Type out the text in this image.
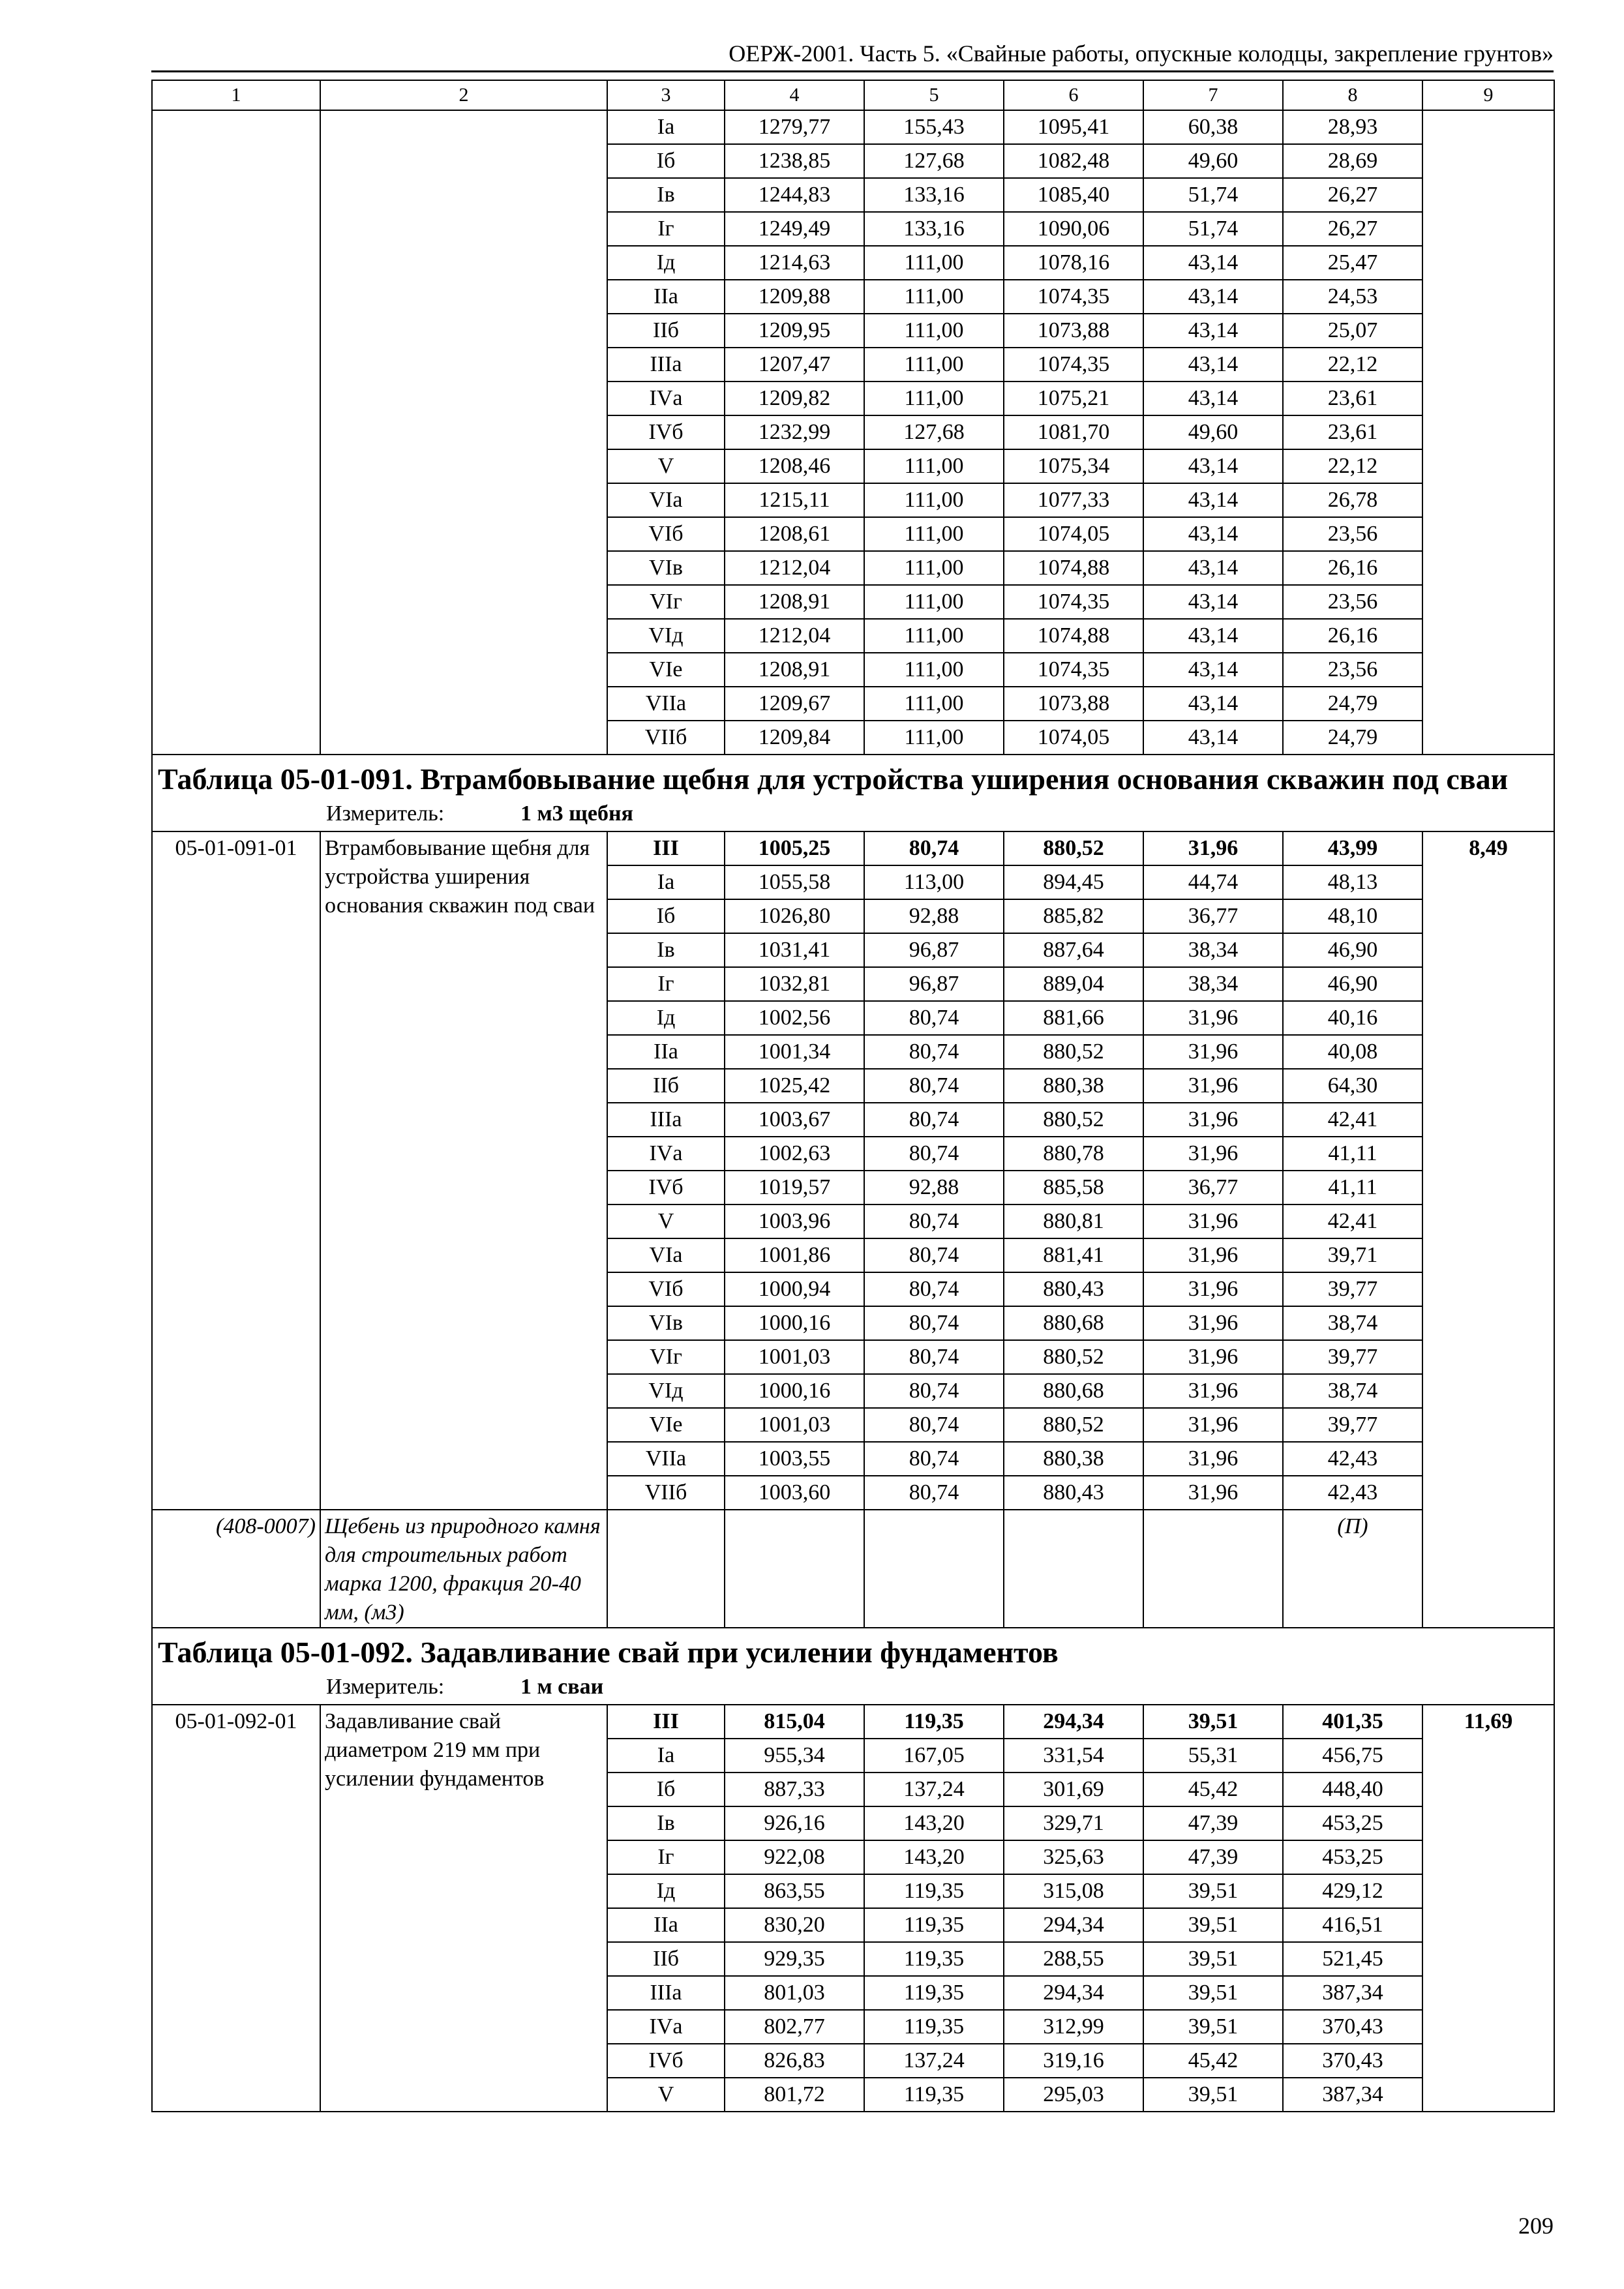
ОЕРЖ-2001. Часть 5. «Свайные работы, опускные колодцы, закрепление грунтов»
1	2	3	4	5	6	7	8	9
		Iа	1279,77	155,43	1095,41	60,38	28,93	
		Iб	1238,85	127,68	1082,48	49,60	28,69	
		Iв	1244,83	133,16	1085,40	51,74	26,27	
		Iг	1249,49	133,16	1090,06	51,74	26,27	
		Iд	1214,63	111,00	1078,16	43,14	25,47	
		IIа	1209,88	111,00	1074,35	43,14	24,53	
		IIб	1209,95	111,00	1073,88	43,14	25,07	
		IIIа	1207,47	111,00	1074,35	43,14	22,12	
		IVа	1209,82	111,00	1075,21	43,14	23,61	
		IVб	1232,99	127,68	1081,70	49,60	23,61	
		V	1208,46	111,00	1075,34	43,14	22,12	
		VIа	1215,11	111,00	1077,33	43,14	26,78	
		VIб	1208,61	111,00	1074,05	43,14	23,56	
		VIв	1212,04	111,00	1074,88	43,14	26,16	
		VIг	1208,91	111,00	1074,35	43,14	23,56	
		VIд	1212,04	111,00	1074,88	43,14	26,16	
		VIе	1208,91	111,00	1074,35	43,14	23,56	
		VIIа	1209,67	111,00	1073,88	43,14	24,79	
		VIIб	1209,84	111,00	1074,05	43,14	24,79	
Таблица 05-01-091. Втрамбовывание щебня для устройства уширения основания скважин под сваи								
Измеритель: 1 м3 щебня								
05-01-091-01	Втрамбовывание щебня для устройства уширения основания скважин под сваи	III	1005,25	80,74	880,52	31,96	43,99	8,49
		Iа	1055,58	113,00	894,45	44,74	48,13	
		Iб	1026,80	92,88	885,82	36,77	48,10	
		Iв	1031,41	96,87	887,64	38,34	46,90	
		Iг	1032,81	96,87	889,04	38,34	46,90	
		Iд	1002,56	80,74	881,66	31,96	40,16	
		IIа	1001,34	80,74	880,52	31,96	40,08	
		IIб	1025,42	80,74	880,38	31,96	64,30	
		IIIа	1003,67	80,74	880,52	31,96	42,41	
		IVа	1002,63	80,74	880,78	31,96	41,11	
		IVб	1019,57	92,88	885,58	36,77	41,11	
		V	1003,96	80,74	880,81	31,96	42,41	
		VIа	1001,86	80,74	881,41	31,96	39,71	
		VIб	1000,94	80,74	880,43	31,96	39,77	
		VIв	1000,16	80,74	880,68	31,96	38,74	
		VIг	1001,03	80,74	880,52	31,96	39,77	
		VIд	1000,16	80,74	880,68	31,96	38,74	
		VIе	1001,03	80,74	880,52	31,96	39,77	
		VIIа	1003,55	80,74	880,38	31,96	42,43	
		VIIб	1003,60	80,74	880,43	31,96	42,43	
(408-0007)	Щебень из природного камня для строительных работ марка 1200, фракция 20-40 мм, (м3)						(П)	
Таблица 05-01-092. Задавливание свай при усилении фундаментов								
Измеритель: 1 м сваи								
05-01-092-01	Задавливание свай диаметром 219 мм при усилении фундаментов	III	815,04	119,35	294,34	39,51	401,35	11,69
		Iа	955,34	167,05	331,54	55,31	456,75	
		Iб	887,33	137,24	301,69	45,42	448,40	
		Iв	926,16	143,20	329,71	47,39	453,25	
		Iг	922,08	143,20	325,63	47,39	453,25	
		Iд	863,55	119,35	315,08	39,51	429,12	
		IIа	830,20	119,35	294,34	39,51	416,51	
		IIб	929,35	119,35	288,55	39,51	521,45	
		IIIа	801,03	119,35	294,34	39,51	387,34	
		IVа	802,77	119,35	312,99	39,51	370,43	
		IVб	826,83	137,24	319,16	45,42	370,43	
		V	801,72	119,35	295,03	39,51	387,34	
209
